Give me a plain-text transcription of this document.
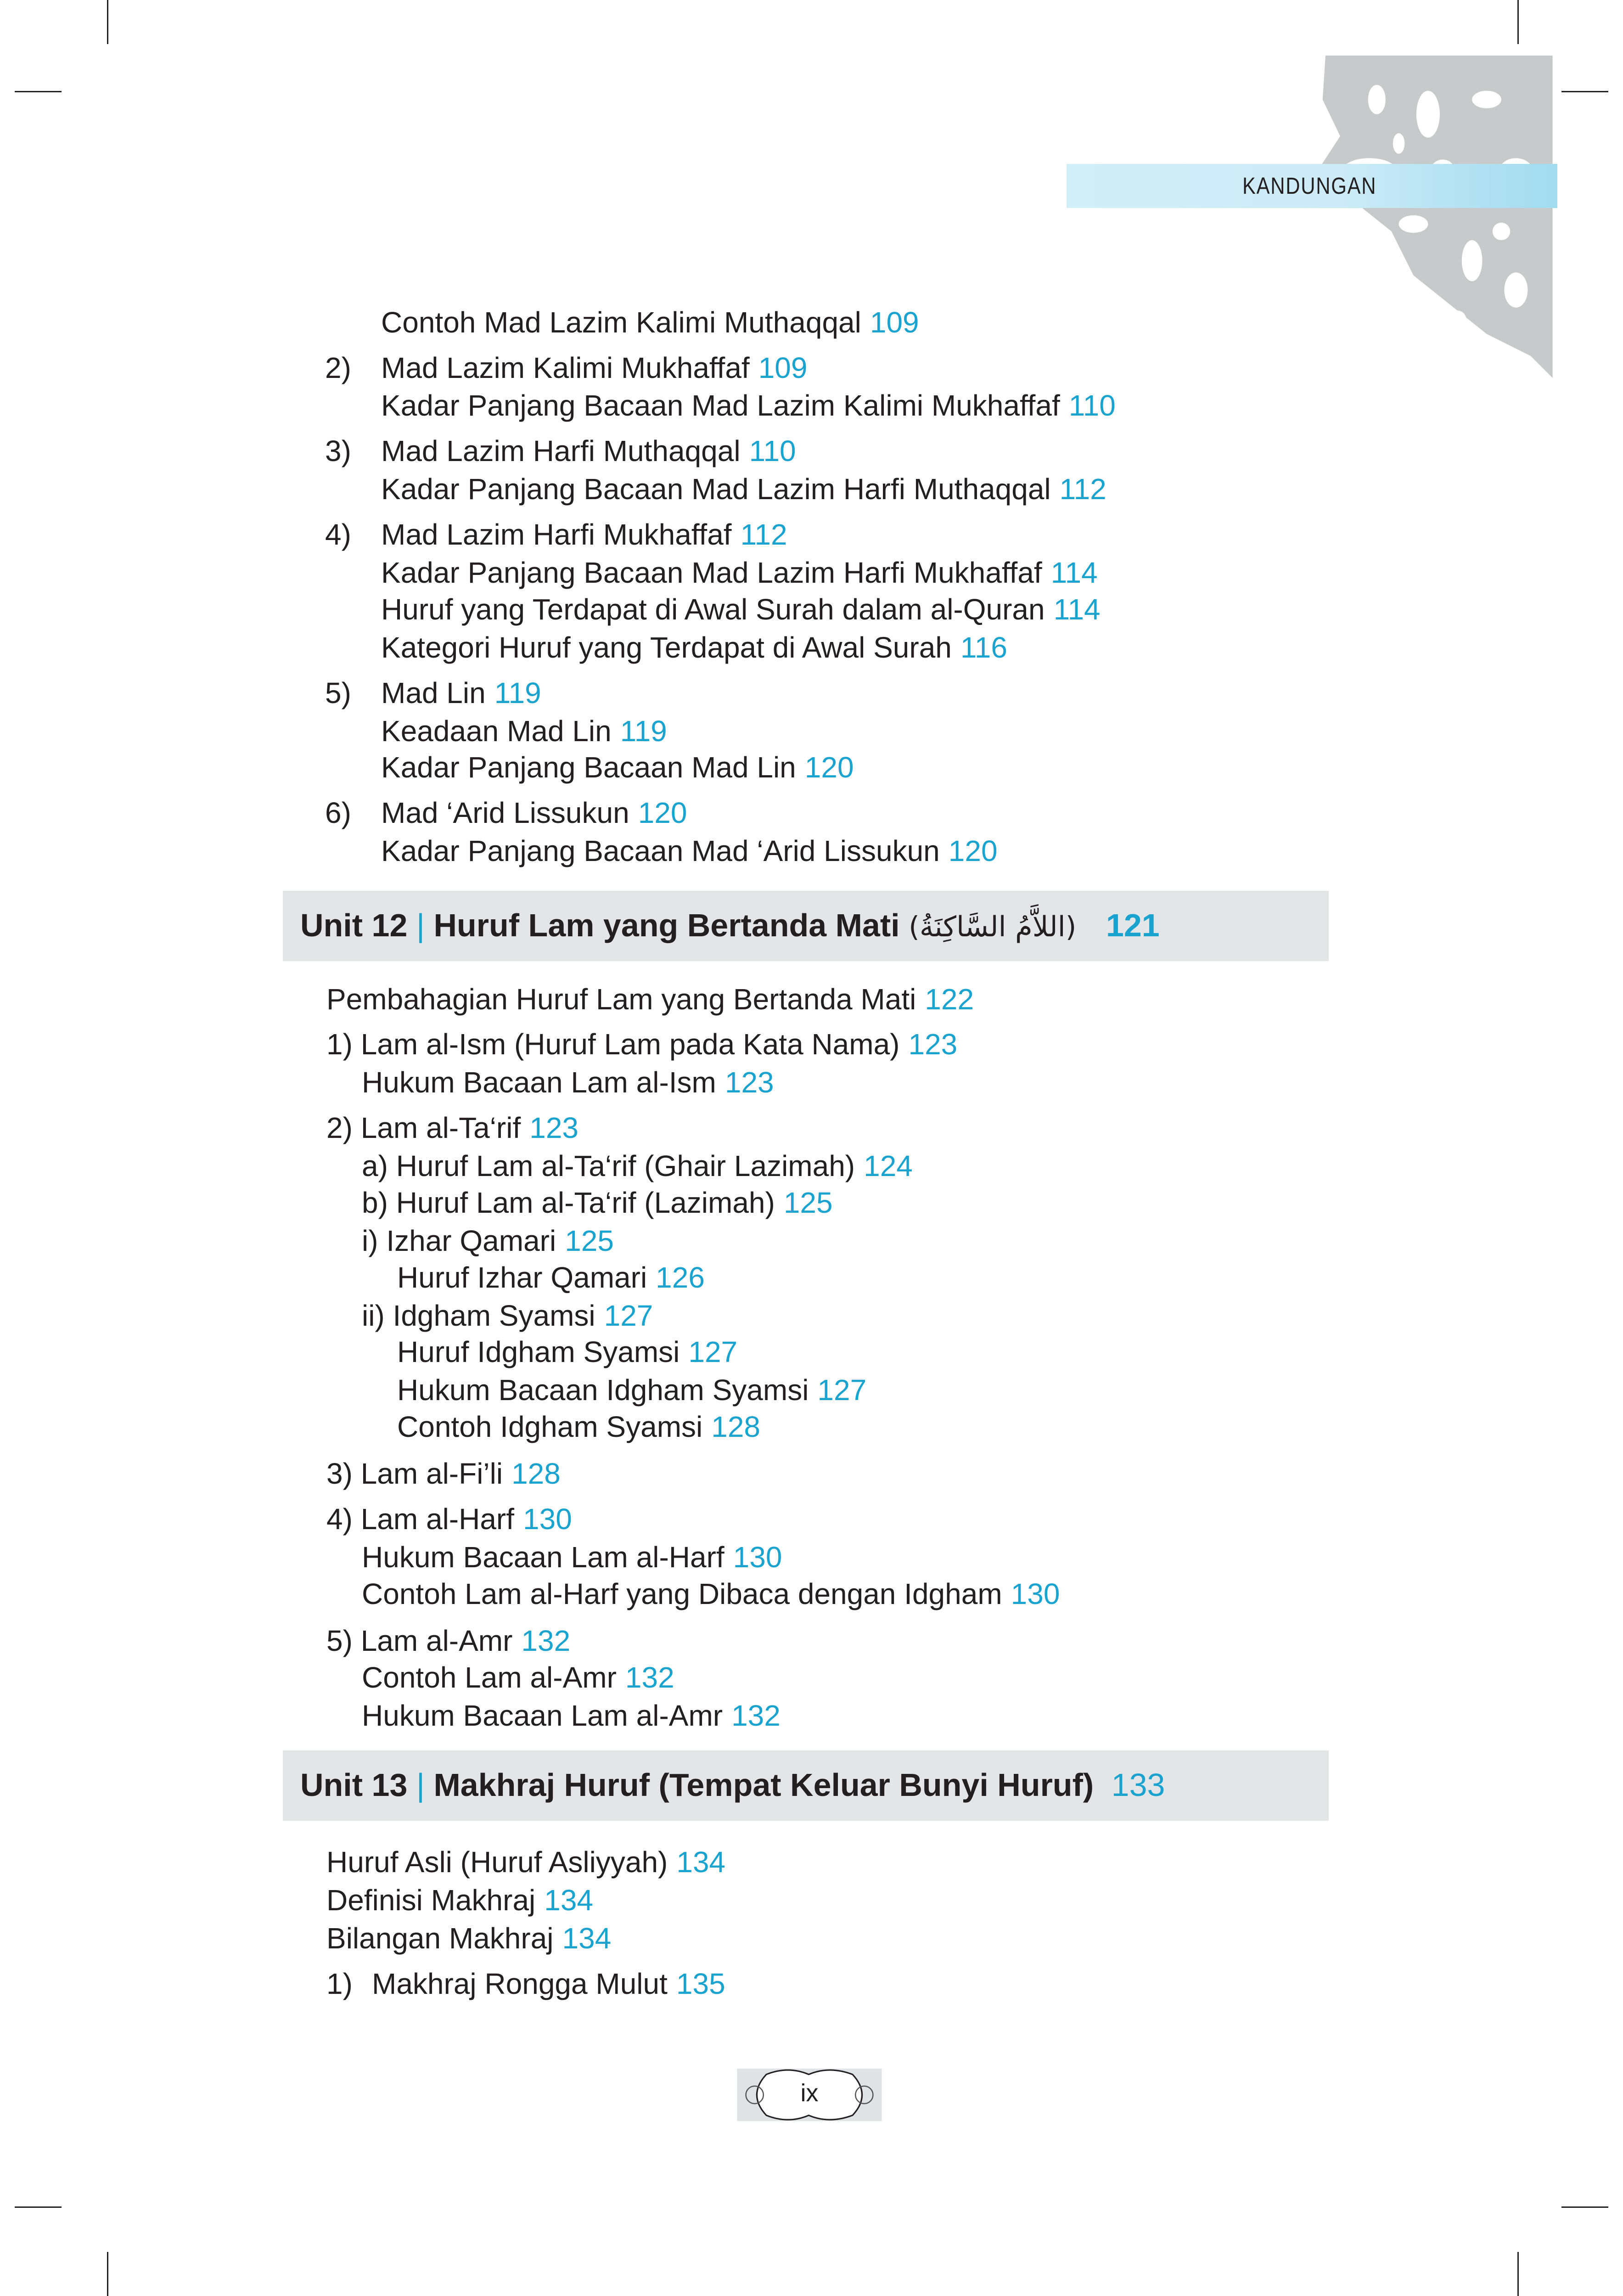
KANDUNGAN
Contoh Mad Lazim Kalimi Muthaqqal 109
2) Mad Lazim Kalimi Mukhaffaf 109
Kadar Panjang Bacaan Mad Lazim Kalimi Mukhaffaf 110
3) Mad Lazim Harfi Muthaqqal 110
Kadar Panjang Bacaan Mad Lazim Harfi Muthaqqal 112
4) Mad Lazim Harfi Mukhaffaf 112
Kadar Panjang Bacaan Mad Lazim Harfi Mukhaffaf 114
Huruf yang Terdapat di Awal Surah dalam al-Quran 114
Kategori Huruf yang Terdapat di Awal Surah 116
5) Mad Lin 119
Keadaan Mad Lin 119
Kadar Panjang Bacaan Mad Lin 120
6) Mad ‘Arid Lissukun 120
Kadar Panjang Bacaan Mad ‘Arid Lissukun 120
Unit 12 | Huruf Lam yang Bertanda Mati (اللاَّمُ السَّاكِنَةُ) 121
Pembahagian Huruf Lam yang Bertanda Mati 122
1) Lam al-Ism (Huruf Lam pada Kata Nama) 123
Hukum Bacaan Lam al-Ism 123
2) Lam al-Ta‘rif 123
a) Huruf Lam al-Ta‘rif (Ghair Lazimah) 124
b) Huruf Lam al-Ta‘rif (Lazimah) 125
i) Izhar Qamari 125
Huruf Izhar Qamari 126
ii) Idgham Syamsi 127
Huruf Idgham Syamsi 127
Hukum Bacaan Idgham Syamsi 127
Contoh Idgham Syamsi 128
3) Lam al-Fi’li 128
4) Lam al-Harf 130
Hukum Bacaan Lam al-Harf 130
Contoh Lam al-Harf yang Dibaca dengan Idgham 130
5) Lam al-Amr 132
Contoh Lam al-Amr 132
Hukum Bacaan Lam al-Amr 132
Unit 13 | Makhraj Huruf (Tempat Keluar Bunyi Huruf) 133
Huruf Asli (Huruf Asliyyah) 134
Definisi Makhraj 134
Bilangan Makhraj 134
1) Makhraj Rongga Mulut 135
ix
